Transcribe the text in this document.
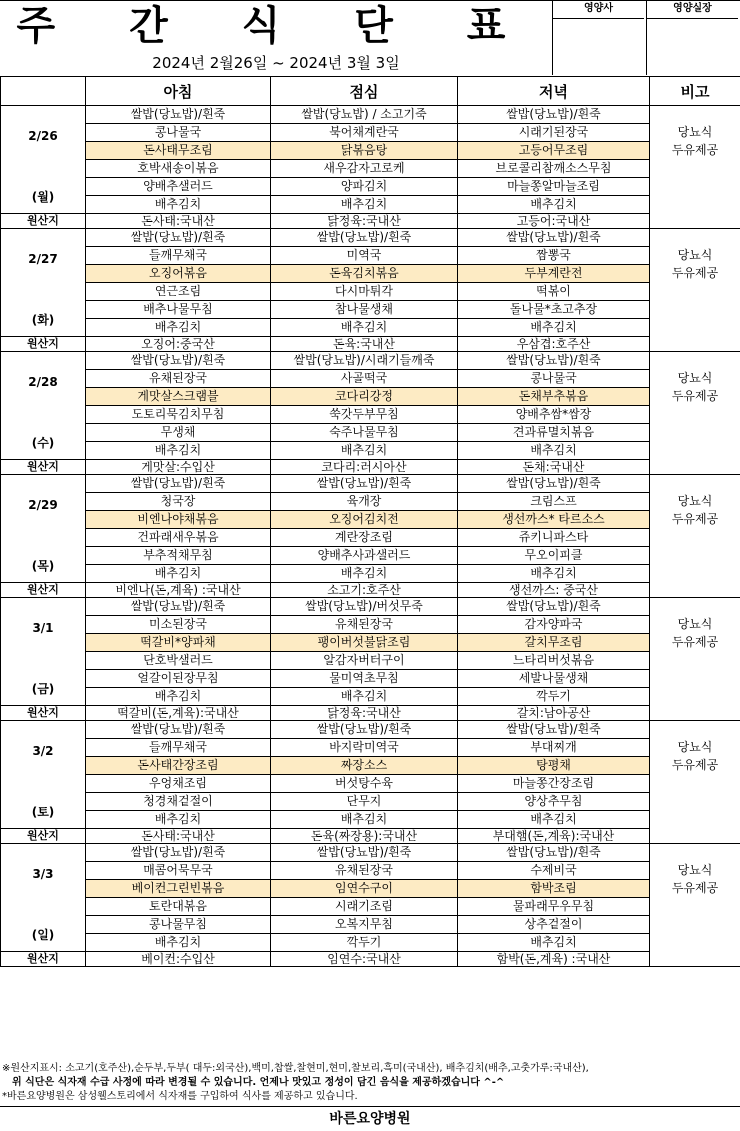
주 간 식 단 표
2024년 2월26일 ~ 2024년 3월 3일
영양사	영양실장
	아침	점심	저녁	비고

2/26
(월)	쌀밥(당뇨밥)/흰죽	쌀밥(당뇨밥) / 소고기죽	쌀밥(당뇨밥)/흰죽	
	콩나물국	북어채계란국	시래기된장국	당뇨식
	돈사태무조림	닭볶음탕	고등어무조림	두유제공
	호박새송이볶음	새우감자고로케	브로콜리참깨소스무침	
	양배추샐러드	양파김치	마늘쫑알마늘조림	
	배추김치	배추김치	배추김치	
원산지	돈사태:국내산	닭정육:국내산	고등어:국내산	

2/27
(화)	쌀밥(당뇨밥)/흰죽	쌀밥(당뇨밥)/흰죽	쌀밥(당뇨밥)/흰죽	
	들깨무채국	미역국	짬뽕국	당뇨식
	오징어볶음	돈육김치볶음	두부계란전	두유제공
	연근조림	다시마튀각	떡볶이	
	배추나물무침	참나물생채	돌나물*초고추장	
	배추김치	배추김치	배추김치	
원산지	오징어:중국산	돈육:국내산	우삼겹:호주산	

2/28
(수)	쌀밥(당뇨밥)/흰죽	쌀밥(당뇨밥)/시래기들깨죽	쌀밥(당뇨밥)/흰죽	
	유채된장국	사골떡국	콩나물국	당뇨식
	게맛살스크램블	코다리강정	돈채부추볶음	두유제공
	도토리묵김치무침	쑥갓두부무침	양배추쌈*쌈장	
	무생채	숙주나물무침	견과류멸치볶음	
	배추김치	배추김치	배추김치	
원산지	게맛살:수입산	코다리:러시아산	돈채:국내산	

2/29
(목)	쌀밥(당뇨밥)/흰죽	쌀밥(당뇨밥)/흰죽	쌀밥(당뇨밥)/흰죽	
	청국장	육개장	크림스프	당뇨식
	비엔나야채볶음	오징어김치전	생선까스* 타르소스	두유제공
	건파래새우볶음	계란장조림	쥬키니파스타	
	부추적채무침	양배추사과샐러드	무오이피클	
	배추김치	배추김치	배추김치	
원산지	비엔나(돈,계육) :국내산	소고기:호주산	생선까스: 중국산	

3/1
(금)	쌀밥(당뇨밥)/흰죽	쌀밥(당뇨밥)/버섯무죽	쌀밥(당뇨밥)/흰죽	
	미소된장국	유채된장국	감자양파국	당뇨식
	떡갈비*양파채	팽이버섯불닭조림	갈치무조림	두유제공
	단호박샐러드	알감자버터구이	느타리버섯볶음	
	얼갈이된장무침	물미역초무침	세발나물생채	
	배추김치	배추김치	깍두기	
원산지	떡갈비(돈,계육):국내산	닭정육:국내산	갈치:남아공산	

3/2
(토)	쌀밥(당뇨밥)/흰죽	쌀밥(당뇨밥)/흰죽	쌀밥(당뇨밥)/흰죽	
	들깨무채국	바지락미역국	부대찌개	당뇨식
	돈사태간장조림	짜장소스	탕평채	두유제공
	우엉채조림	버섯탕수육	마늘쫑간장조림	
	청경채겉절이	단무지	양상추무침	
	배추김치	배추김치	배추김치	
원산지	돈사태:국내산	돈육(짜장용):국내산	부대햄(돈,계육):국내산	

3/3
(일)	쌀밥(당뇨밥)/흰죽	쌀밥(당뇨밥)/흰죽	쌀밥(당뇨밥)/흰죽	
	매콤어묵무국	유채된장국	수제비국	당뇨식
	베이컨그린빈볶음	임연수구이	함박조림	두유제공
	토란대볶음	시래기조림	물파래무우무침	
	콩나물무침	오복지무침	상추겉절이	
	배추김치	깍두기	배추김치	
원산지	베이컨:수입산	임연수:국내산	함박(돈,계육) :국내산	
※원산지표시: 소고기(호주산),순두부,두부( 대두:외국산),백미,찹쌀,찰현미,현미,찰보리,흑미(국내산), 배추김치(배추,고춧가루:국내산),
위 식단은 식자재 수급 사정에 따라 변경될 수 있습니다. 언제나 맛있고 정성이 담긴 음식을 제공하겠습니다 ^-^
*바른요양병원은 삼성웰스토리에서 식자재를 구입하여 식사를 제공하고 있습니다.
바른요양병원
